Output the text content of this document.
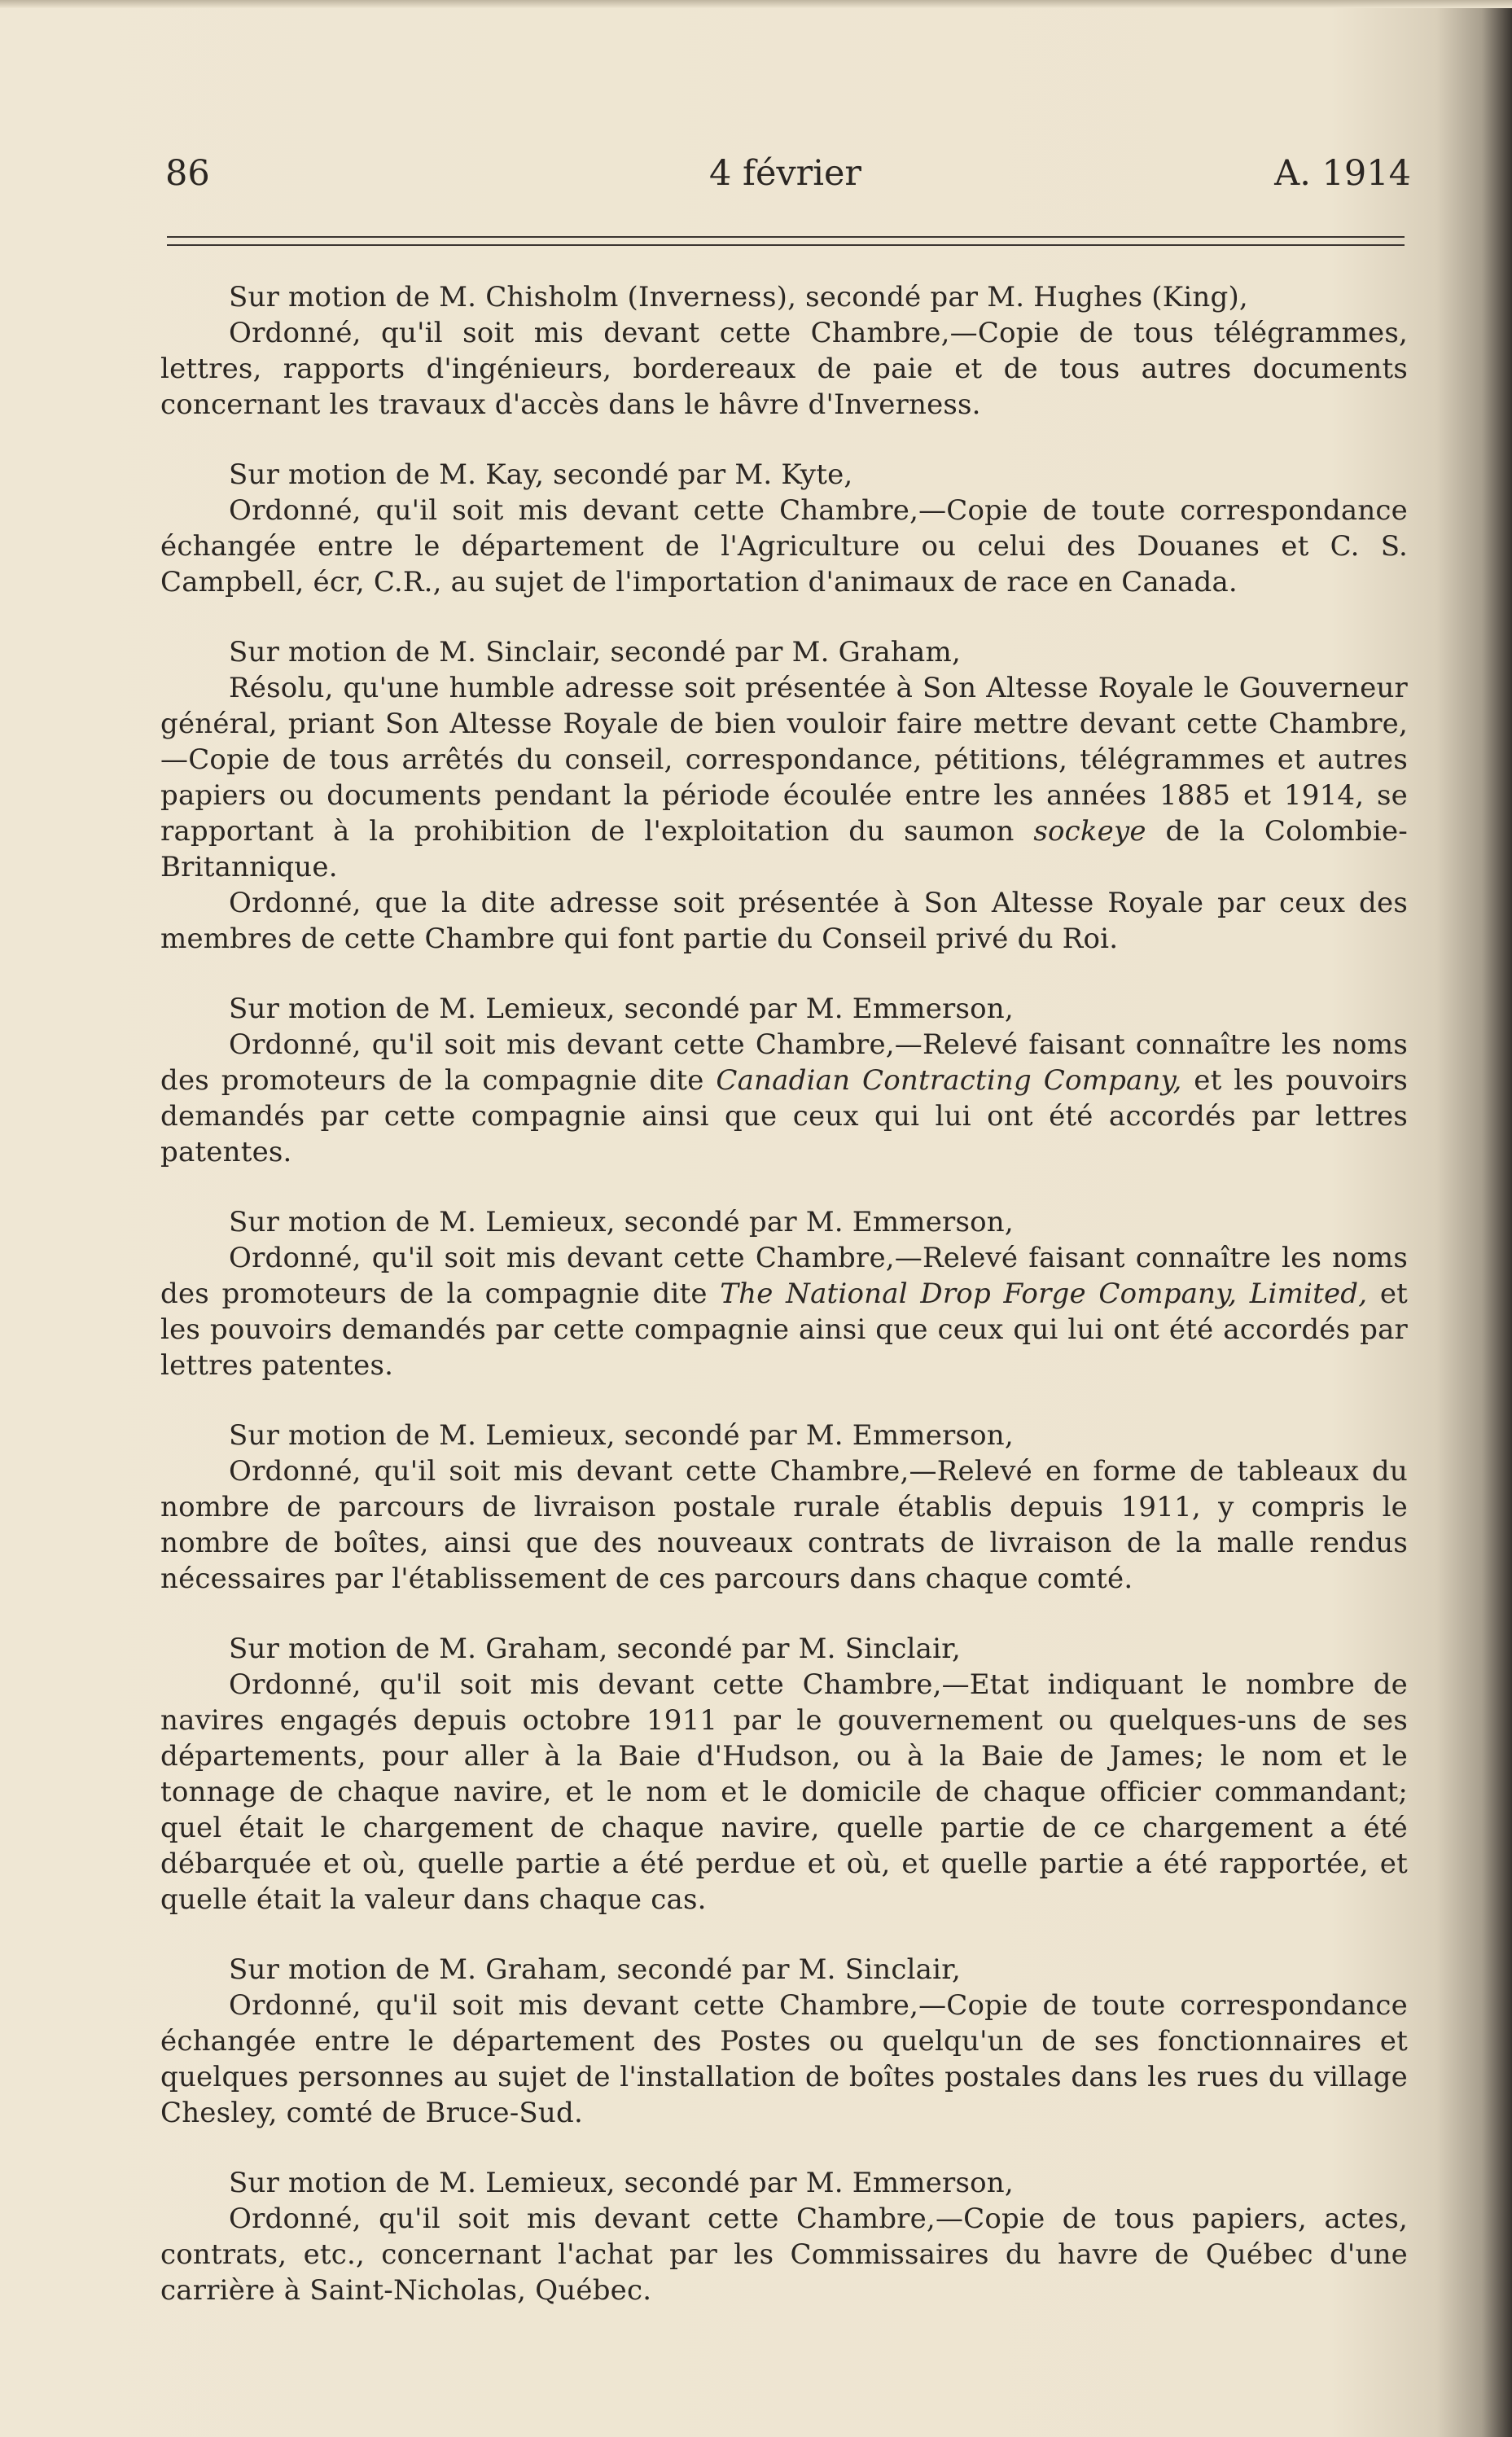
86	4 février	A. 1914

Sur motion de M. Chisholm (Inverness), secondé par M. Hughes (King),

Ordonné, qu'il soit mis devant cette Chambre,—Copie de tous télégrammes, lettres, rapports d'ingénieurs, bordereaux de paie et de tous autres documents concernant les travaux d'accès dans le hâvre d'Inverness.

Sur motion de M. Kay, secondé par M. Kyte,

Ordonné, qu'il soit mis devant cette Chambre,—Copie de toute correspondance échangée entre le département de l'Agriculture ou celui des Douanes et C. S. Campbell, écr, C.R., au sujet de l'importation d'animaux de race en Canada.

Sur motion de M. Sinclair, secondé par M. Graham,

Résolu, qu'une humble adresse soit présentée à Son Altesse Royale le Gouverneur général, priant Son Altesse Royale de bien vouloir faire mettre devant cette Chambre,—Copie de tous arrêtés du conseil, correspondance, pétitions, télégrammes et autres papiers ou documents pendant la période écoulée entre les années 1885 et 1914, se rapportant à la prohibition de l'exploitation du saumon sockeye de la Colombie-Britannique.

Ordonné, que la dite adresse soit présentée à Son Altesse Royale par ceux des membres de cette Chambre qui font partie du Conseil privé du Roi.

Sur motion de M. Lemieux, secondé par M. Emmerson,

Ordonné, qu'il soit mis devant cette Chambre,—Relevé faisant connaître les noms des promoteurs de la compagnie dite Canadian Contracting Company, et les pouvoirs demandés par cette compagnie ainsi que ceux qui lui ont été accordés par lettres patentes.

Sur motion de M. Lemieux, secondé par M. Emmerson,

Ordonné, qu'il soit mis devant cette Chambre,—Relevé faisant connaître les noms des promoteurs de la compagnie dite The National Drop Forge Company, Limited, et les pouvoirs demandés par cette compagnie ainsi que ceux qui lui ont été accordés par lettres patentes.

Sur motion de M. Lemieux, secondé par M. Emmerson,

Ordonné, qu'il soit mis devant cette Chambre,—Relevé en forme de tableaux du nombre de parcours de livraison postale rurale établis depuis 1911, y compris le nombre de boîtes, ainsi que des nouveaux contrats de livraison de la malle rendus nécessaires par l'établissement de ces parcours dans chaque comté.

Sur motion de M. Graham, secondé par M. Sinclair,

Ordonné, qu'il soit mis devant cette Chambre,—Etat indiquant le nombre de navires engagés depuis octobre 1911 par le gouvernement ou quelques-uns de ses départements, pour aller à la Baie d'Hudson, ou à la Baie de James; le nom et le tonnage de chaque navire, et le nom et le domicile de chaque officier commandant; quel était le chargement de chaque navire, quelle partie de ce chargement a été débarquée et où, quelle partie a été perdue et où, et quelle partie a été rapportée, et quelle était la valeur dans chaque cas.

Sur motion de M. Graham, secondé par M. Sinclair,

Ordonné, qu'il soit mis devant cette Chambre,—Copie de toute correspondance échangée entre le département des Postes ou quelqu'un de ses fonctionnaires et quelques personnes au sujet de l'installation de boîtes postales dans les rues du village Chesley, comté de Bruce-Sud.

Sur motion de M. Lemieux, secondé par M. Emmerson,

Ordonné, qu'il soit mis devant cette Chambre,—Copie de tous papiers, actes, contrats, etc., concernant l'achat par les Commissaires du havre de Québec d'une carrière à Saint-Nicholas, Québec.
